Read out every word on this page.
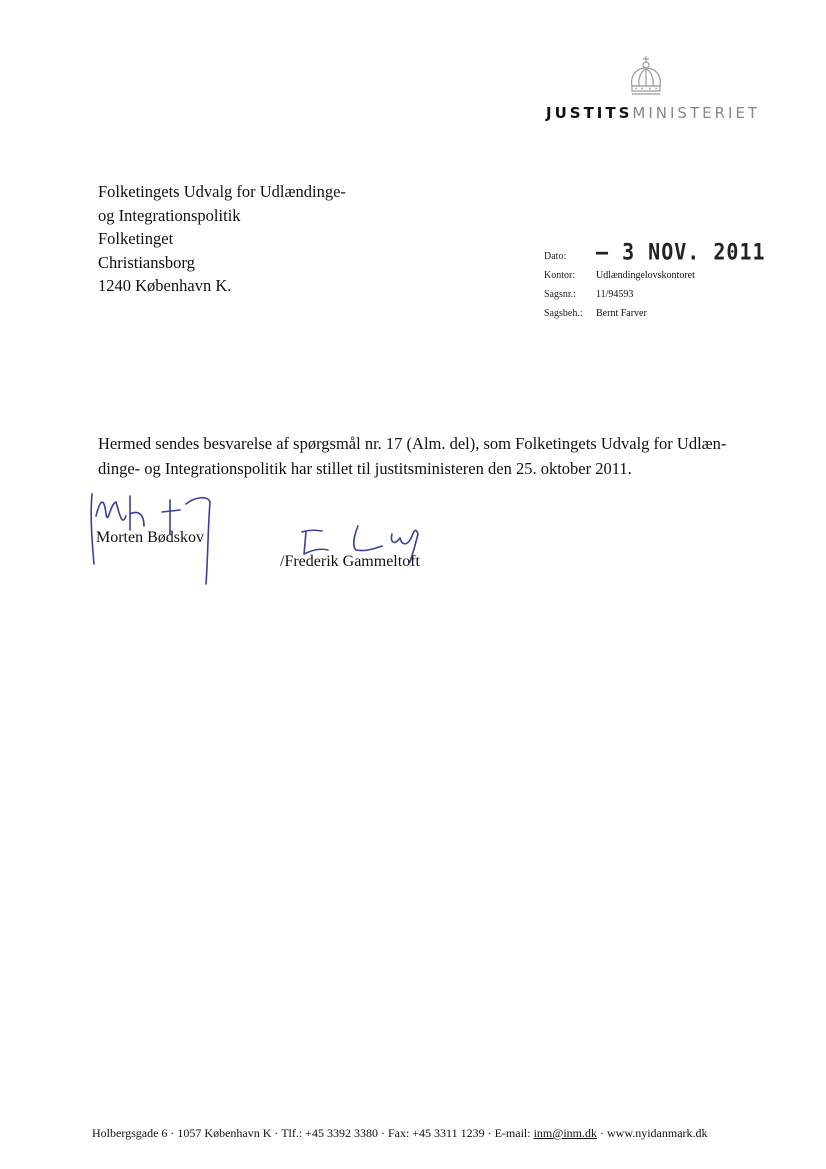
JUSTITSMINISTERIET
Folketingets Udvalg for Udlændinge-
og Integrationspolitik
Folketinget
Christiansborg
1240 København K.
Dato:	– 3 NOV. 2011
Kontor:	Udlændingelovskontoret
Sagsnr.:	11/94593
Sagsbeh.:	Bernt Farver
Hermed sendes besvarelse af spørgsmål nr. 17 (Alm. del), som Folketingets Udvalg for Udlæn-
dinge- og Integrationspolitik har stillet til justitsministeren den 25. oktober 2011.
Morten Bødskov
/Frederik Gammeltoft
Holbergsgade 6 · 1057 København K · Tlf.: +45 3392 3380 · Fax: +45 3311 1239 · E-mail: inm@inm.dk · www.nyidanmark.dk
